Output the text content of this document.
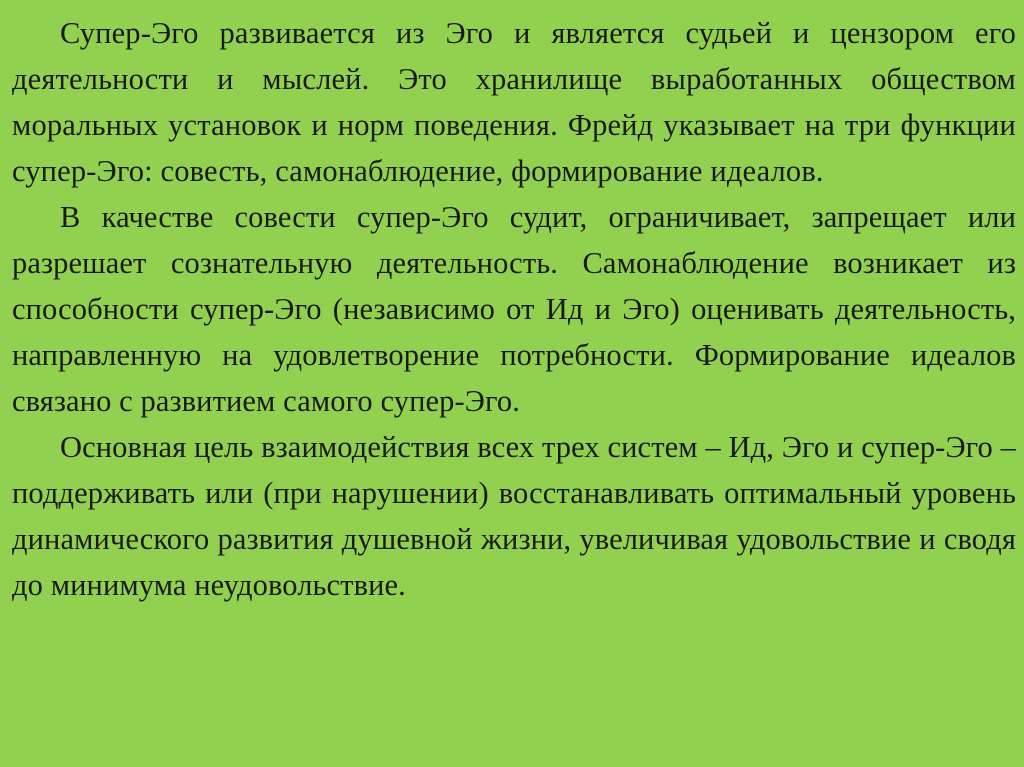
Супер-Эго развивается из Эго и является судьей и цензором его деятельности и мыслей. Это хранилище выработанных обществом моральных установок и норм поведения. Фрейд указывает на три функции супер-Эго: совесть, самонаблюдение, формирование идеалов.

В качестве совести супер-Эго судит, ограничивает, запрещает или разрешает сознательную деятельность. Самонаблюдение возникает из способности супер-Эго (независимо от Ид и Эго) оценивать деятельность, направленную на удовлетворение потребности. Формирование идеалов связано с развитием самого супер-Эго.

Основная цель взаимодействия всех трех систем – Ид, Эго и супер-Эго – поддерживать или (при нарушении) восстанавливать оптимальный уровень динамического развития душевной жизни, увеличивая удовольствие и сводя до минимума неудовольствие.
